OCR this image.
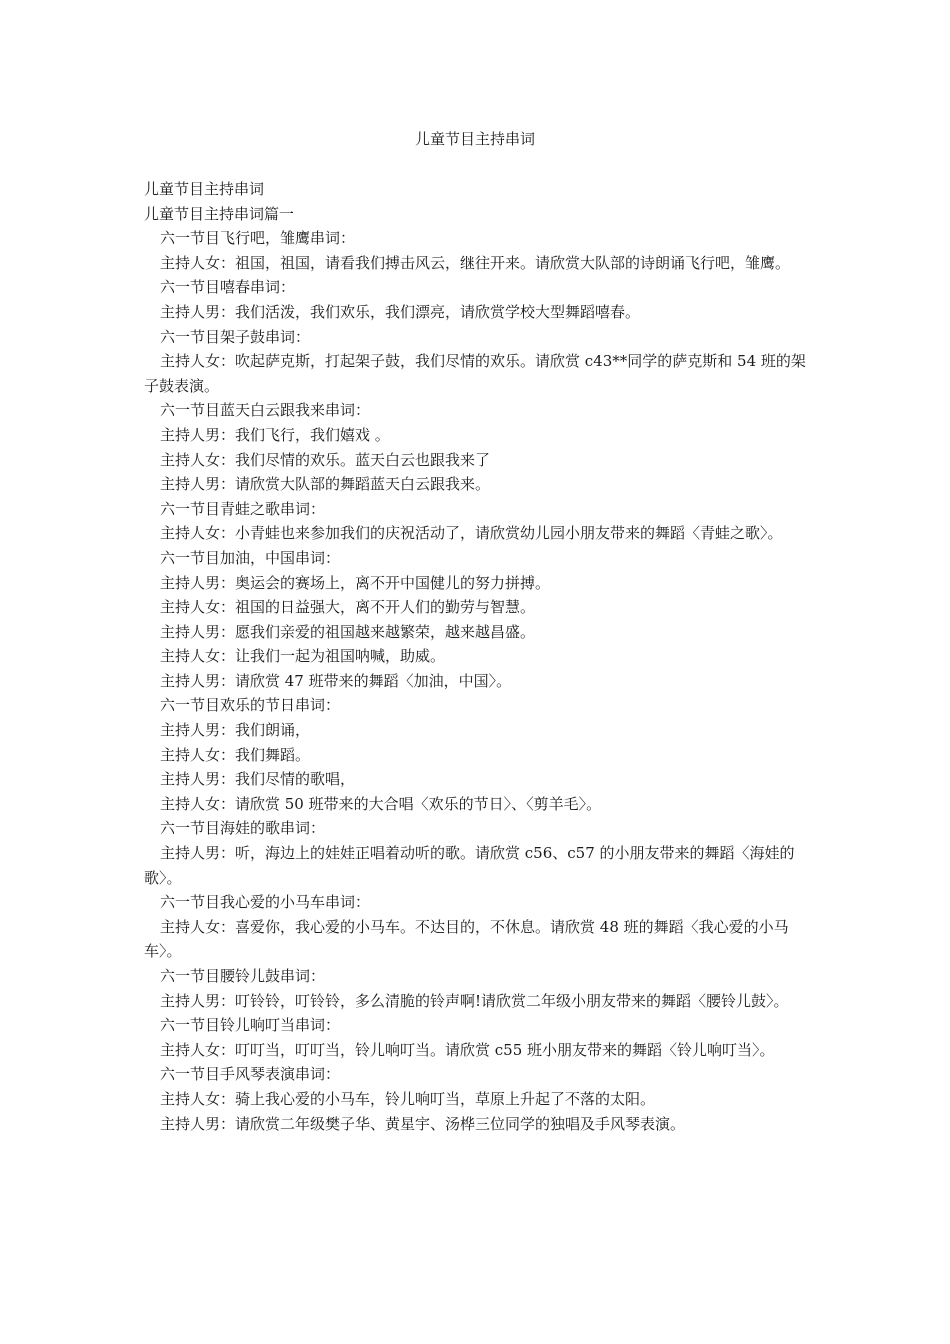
儿童节目主持串词

儿童节目主持串词

儿童节目主持串词篇一

六一节目飞行吧，雏鹰串词：

主持人女：祖国，祖国，请看我们搏击风云，继往开来。请欣赏大队部的诗朗诵飞行吧，雏鹰。

六一节目嘻春串词：

主持人男：我们活泼，我们欢乐，我们漂亮，请欣赏学校大型舞蹈嘻春。

六一节目架子鼓串词：

主持人女：吹起萨克斯，打起架子鼓，我们尽情的欢乐。请欣赏 c43**同学的萨克斯和 54 班的架子鼓表演。

六一节目蓝天白云跟我来串词：

主持人男：我们飞行，我们嬉戏 。

主持人女：我们尽情的欢乐。蓝天白云也跟我来了

主持人男：请欣赏大队部的舞蹈蓝天白云跟我来。

六一节目青蛙之歌串词：

主持人女：小青蛙也来参加我们的庆祝活动了，请欣赏幼儿园小朋友带来的舞蹈〈青蛙之歌〉。

六一节目加油，中国串词：

主持人男：奥运会的赛场上，离不开中国健儿的努力拼搏。

主持人女：祖国的日益强大，离不开人们的勤劳与智慧。

主持人男：愿我们亲爱的祖国越来越繁荣，越来越昌盛。

主持人女：让我们一起为祖国呐喊，助威。

主持人男：请欣赏 47 班带来的舞蹈〈加油，中国〉。

六一节目欢乐的节日串词：

主持人男：我们朗诵，

主持人女：我们舞蹈。

主持人男：我们尽情的歌唱，

主持人女：请欣赏 50 班带来的大合唱〈欢乐的节日〉、〈剪羊毛〉。

六一节目海娃的歌串词：

主持人男：听，海边上的娃娃正唱着动听的歌。请欣赏 c56、c57 的小朋友带来的舞蹈〈海娃的歌〉。

六一节目我心爱的小马车串词：

主持人女：喜爱你，我心爱的小马车。不达目的，不休息。请欣赏 48 班的舞蹈〈我心爱的小马车〉。

六一节目腰铃儿鼓串词：

主持人男：叮铃铃，叮铃铃，多么清脆的铃声啊!请欣赏二年级小朋友带来的舞蹈〈腰铃儿鼓〉。

六一节目铃儿响叮当串词：

主持人女：叮叮当，叮叮当，铃儿响叮当。请欣赏 c55 班小朋友带来的舞蹈〈铃儿响叮当〉。

六一节目手风琴表演串词：

主持人女：骑上我心爱的小马车，铃儿响叮当，草原上升起了不落的太阳。

主持人男：请欣赏二年级樊子华、黄星宇、汤桦三位同学的独唱及手风琴表演。
